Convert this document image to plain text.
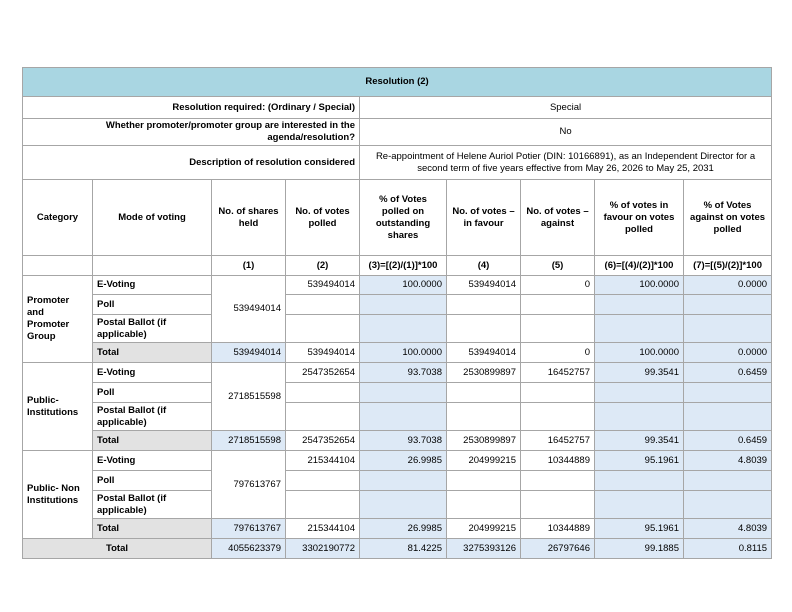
Resolution (2)								
Resolution required: (Ordinary / Special)				Special				
Whether promoter/promoter group are interested in the agenda/resolution?				No				
Description of resolution considered				Re-appointment of Helene Auriol Potier (DIN: 10166891), as an Independent Director for a second term of five years effective from May 26, 2026 to May 25, 2031				
Category	Mode of voting	No. of shares held	No. of votes polled	% of Votes polled on outstanding shares	No. of votes – in favour	No. of votes – against	% of votes in favour on votes polled	% of Votes against on votes polled
		(1)	(2)	(3)=[(2)/(1)]*100	(4)	(5)	(6)=[(4)/(2)]*100	(7)=[(5)/(2)]*100
Promoter and Promoter Group	E-Voting	539494014	539494014	100.0000	539494014	0	100.0000	0.0000
	Poll							
	Postal Ballot (if applicable)							
	Total	539494014	539494014	100.0000	539494014	0	100.0000	0.0000
Public- Institutions	E-Voting	2718515598	2547352654	93.7038	2530899897	16452757	99.3541	0.6459
	Poll							
	Postal Ballot (if applicable)							
	Total	2718515598	2547352654	93.7038	2530899897	16452757	99.3541	0.6459
Public- Non Institutions	E-Voting	797613767	215344104	26.9985	204999215	10344889	95.1961	4.8039
	Poll							
	Postal Ballot (if applicable)							
	Total	797613767	215344104	26.9985	204999215	10344889	95.1961	4.8039
Total		4055623379	3302190772	81.4225	3275393126	26797646	99.1885	0.8115
